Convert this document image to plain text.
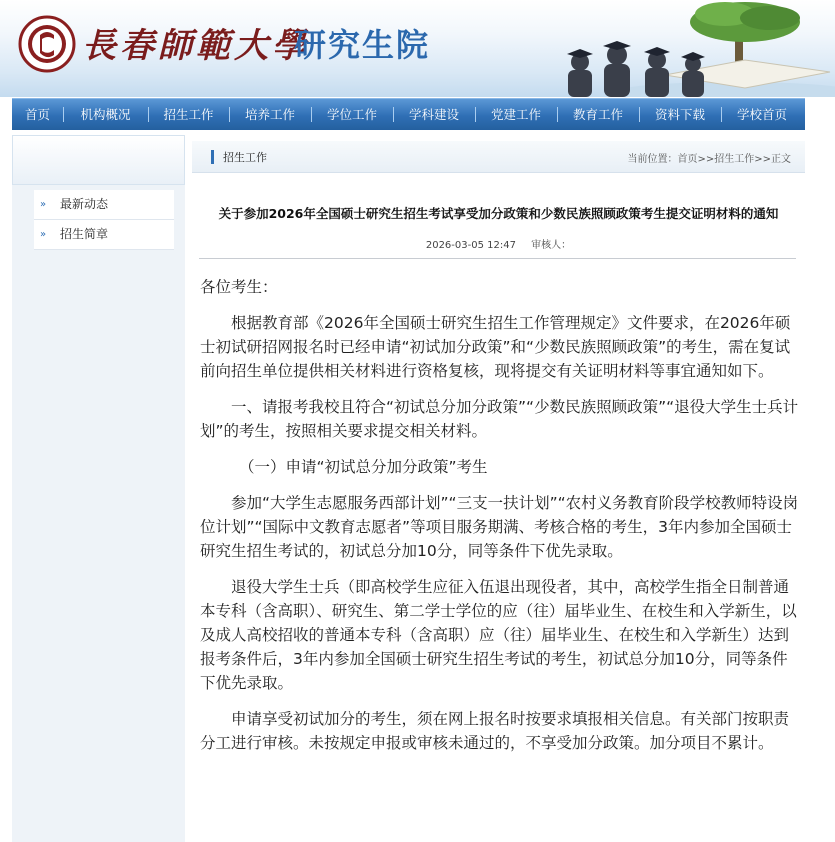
長春師範大學
研究生院
首页	机构概况	招生工作	培养工作	学位工作	学科建设	党建工作	教育工作	资料下载	学校首页
» 最新动态
» 招生简章
招生工作	当前位置：首页>>招生工作>>正文
关于参加2026年全国硕士研究生招生考试享受加分政策和少数民族照顾政策考生提交证明材料的通知
2026-03-05 12:47 审核人：

各位考生：

根据教育部《2026年全国硕士研究生招生工作管理规定》文件要求，在2026年硕士初试研招网报名时已经申请“初试加分政策”和“少数民族照顾政策”的考生，需在复试前向招生单位提供相关材料进行资格复核，现将提交有关证明材料等事宜通知如下。

一、请报考我校且符合“初试总分加分政策”“少数民族照顾政策”“退役大学生士兵计划”的考生，按照相关要求提交相关材料。

（一）申请“初试总分加分政策”考生

参加“大学生志愿服务西部计划”“三支一扶计划”“农村义务教育阶段学校教师特设岗位计划”“国际中文教育志愿者”等项目服务期满、考核合格的考生，3年内参加全国硕士研究生招生考试的，初试总分加10分，同等条件下优先录取。

退役大学生士兵（即高校学生应征入伍退出现役者，其中，高校学生指全日制普通本专科（含高职）、研究生、第二学士学位的应（往）届毕业生、在校生和入学新生，以及成人高校招收的普通本专科（含高职）应（往）届毕业生、在校生和入学新生）达到报考条件后，3年内参加全国硕士研究生招生考试的考生，初试总分加10分，同等条件下优先录取。

申请享受初试加分的考生，须在网上报名时按要求填报相关信息。有关部门按职责分工进行审核。未按规定申报或审核未通过的，不享受加分政策。加分项目不累计。
